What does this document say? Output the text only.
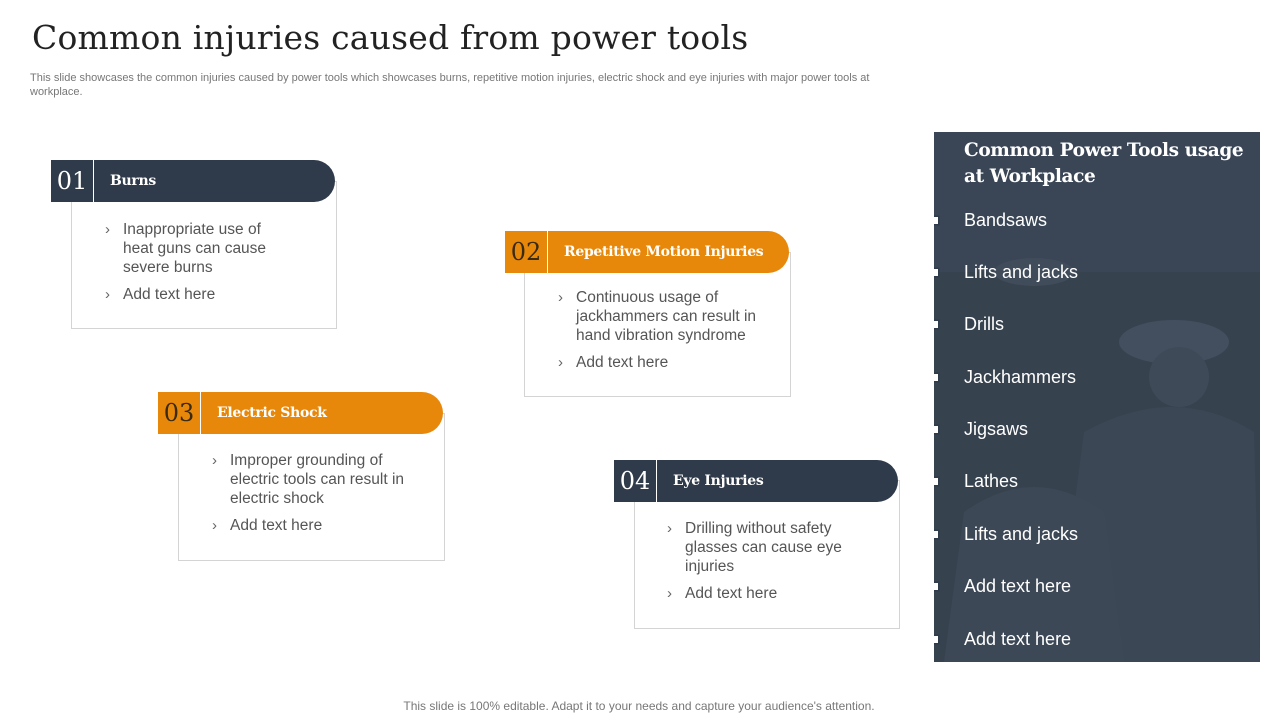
Common injuries caused from power tools
This slide showcases the common injuries caused by power tools which showcases burns, repetitive motion injuries, electric shock and eye injuries with major power tools at workplace.
01	Burns
› Inappropriate use of heat guns can cause severe burns
› Add text here
02	Repetitive Motion Injuries
› Continuous usage of jackhammers can result in hand vibration syndrome
› Add text here
03	Electric Shock
› Improper grounding of electric tools can result in electric shock
› Add text here
04	Eye Injuries
› Drilling without safety glasses can cause eye injuries
› Add text here
Common Power Tools usage at Workplace
Bandsaws
Lifts and jacks
Drills
Jackhammers
Jigsaws
Lathes
Lifts and jacks
Add text here
Add text here
This slide is 100% editable. Adapt it to your needs and capture your audience's attention.
